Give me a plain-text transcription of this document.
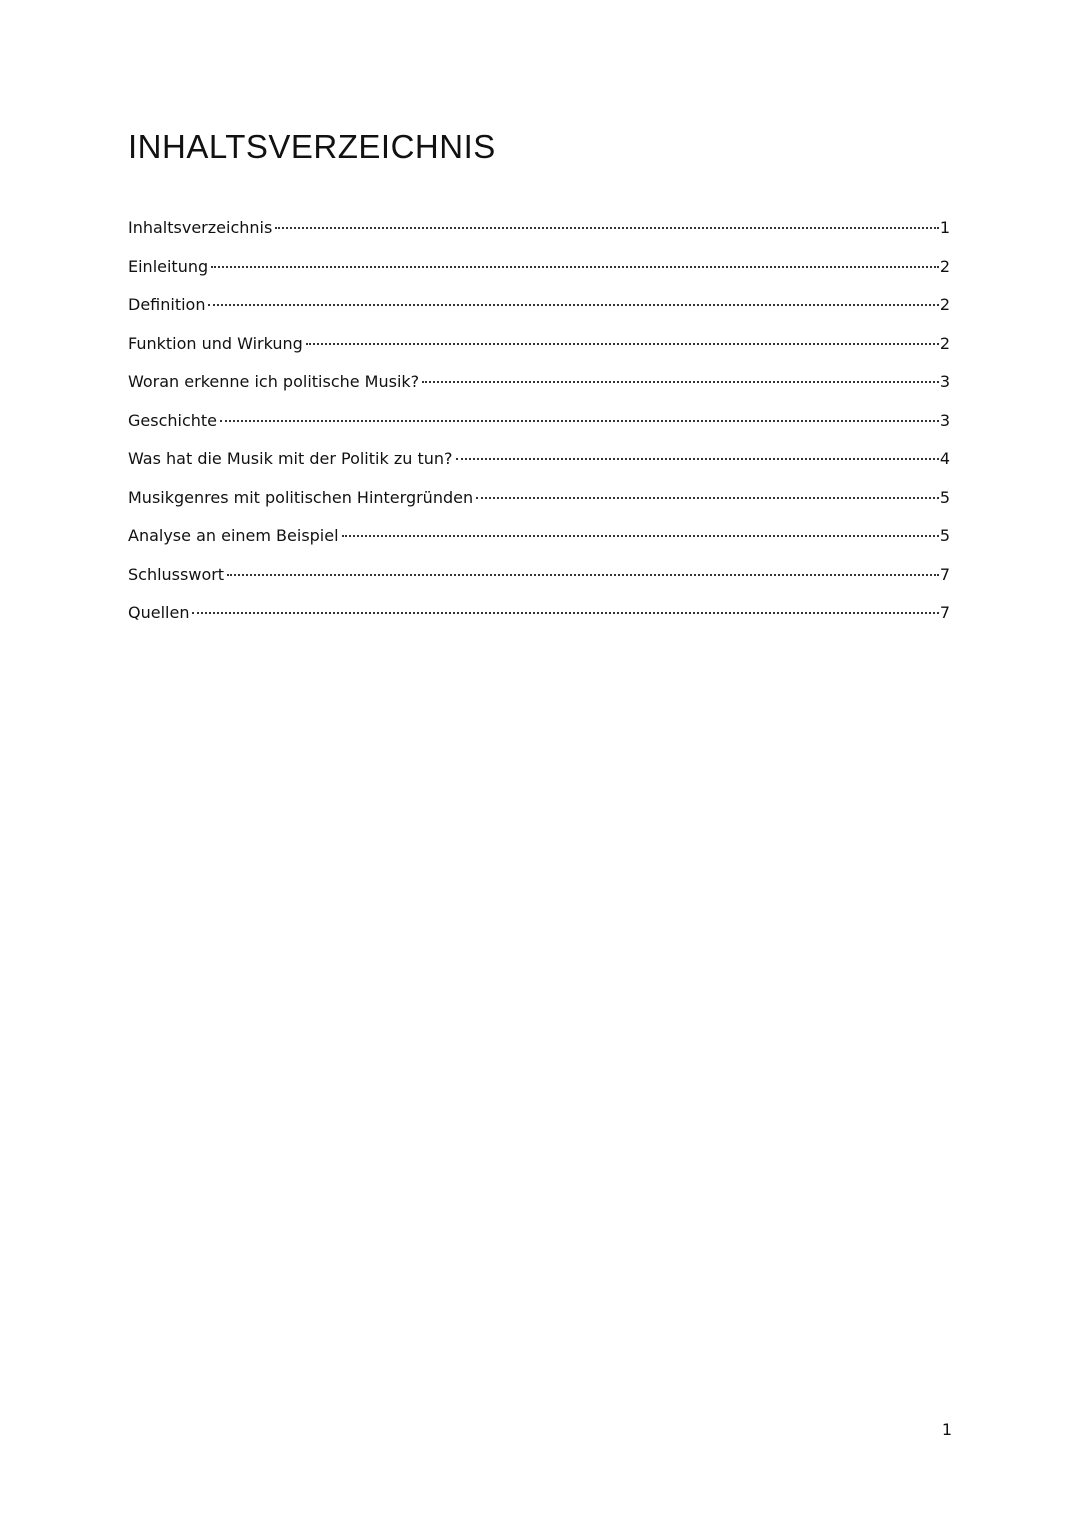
INHALTSVERZEICHNIS
Inhaltsverzeichnis	1
Einleitung	2
Definition	2
Funktion und Wirkung	2
Woran erkenne ich politische Musik?	3
Geschichte	3
Was hat die Musik mit der Politik zu tun?	4
Musikgenres mit politischen Hintergründen	5
Analyse an einem Beispiel	5
Schlusswort	7
Quellen	7
1
